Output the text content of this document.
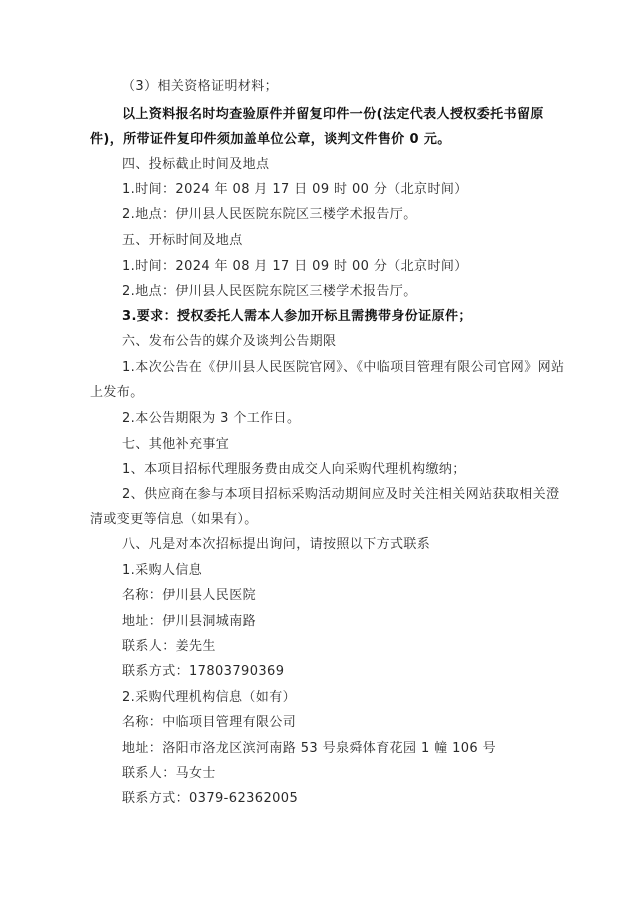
（3）相关资格证明材料；
以上资料报名时均查验原件并留复印件一份(法定代表人授权委托书留原
件)，所带证件复印件须加盖单位公章，谈判文件售价 0 元。
四、投标截止时间及地点
1.时间：2024 年 08 月 17 日 09 时 00 分（北京时间）
2.地点：伊川县人民医院东院区三楼学术报告厅。
五、开标时间及地点
1.时间：2024 年 08 月 17 日 09 时 00 分（北京时间）
2.地点：伊川县人民医院东院区三楼学术报告厅。
3.要求：授权委托人需本人参加开标且需携带身份证原件；
六、发布公告的媒介及谈判公告期限
1.本次公告在《伊川县人民医院官网》、《中临项目管理有限公司官网》网站
上发布。
2.本公告期限为 3 个工作日。
七、其他补充事宜
1、本项目招标代理服务费由成交人向采购代理机构缴纳；
2、供应商在参与本项目招标采购活动期间应及时关注相关网站获取相关澄
清或变更等信息（如果有）。
八、凡是对本次招标提出询问，请按照以下方式联系
1.采购人信息
名称：伊川县人民医院
地址：伊川县洞城南路
联系人：姜先生
联系方式：17803790369
2.采购代理机构信息（如有）
名称：中临项目管理有限公司
地址：洛阳市洛龙区滨河南路 53 号泉舜体育花园 1 幢 106 号
联系人：马女士
联系方式：0379-62362005
